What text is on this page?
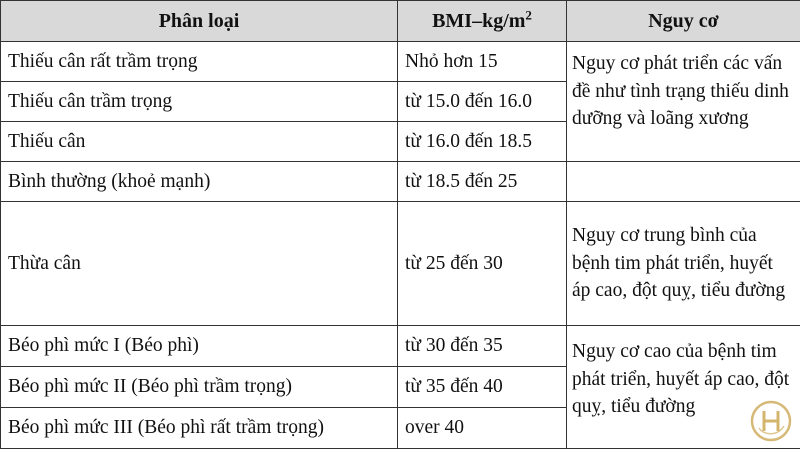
Phân loại	BMI–$kg/m^2$	Nguy cơ
Thiếu cân rất trầm trọng	Nhỏ hơn 15	Nguy cơ phát triển các vấn đề như tình trạng thiếu dinh dưỡng và loãng xương
Thiếu cân trầm trọng	từ 15.0 đến 16.0	
Thiếu cân	từ 16.0 đến 18.5	
Bình thường (khoẻ mạnh)	từ 18.5 đến 25	
Thừa cân	từ 25 đến 30	Nguy cơ trung bình của bệnh tim phát triển, huyết áp cao, đột quỵ, tiểu đường
Béo phì mức I (Béo phì)	từ 30 đến 35	Nguy cơ cao của bệnh tim phát triển, huyết áp cao, đột quỵ, tiểu đường
Béo phì mức II (Béo phì trầm trọng)	từ 35 đến 40	
Béo phì mức III (Béo phì rất trầm trọng)	over 40	
